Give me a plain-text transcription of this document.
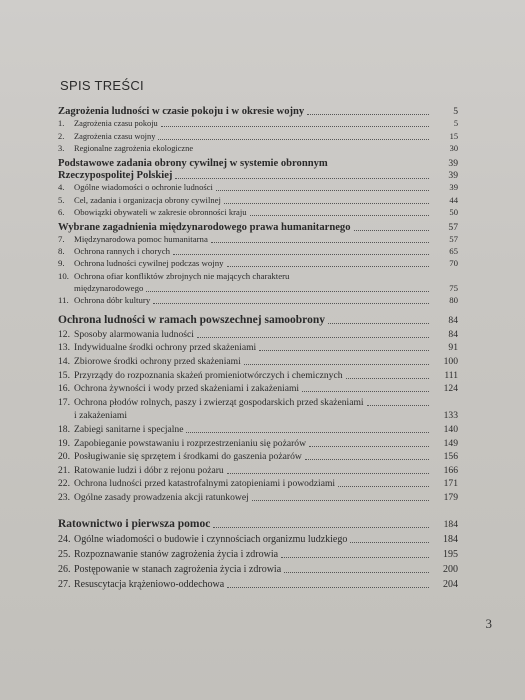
SPIS TREŚCI
Zagrożenia ludności w czasie pokoju i w okresie wojny	5
1. Zagrożenia czasu pokoju	5
2. Zagrożenia czasu wojny	15
3. Regionalne zagrożenia ekologiczne	30
Podstawowe zadania obrony cywilnej w systemie obronnym	39
Rzeczypospolitej Polskiej	39
4. Ogólne wiadomości o ochronie ludności	39
5. Cel, zadania i organizacja obrony cywilnej	44
6. Obowiązki obywateli w zakresie obronności kraju	50
Wybrane zagadnienia międzynarodowego prawa humanitarnego	57
7. Międzynarodowa pomoc humanitarna	57
8. Ochrona rannych i chorych	65
9. Ochrona ludności cywilnej podczas wojny	70
10. Ochrona ofiar konfliktów zbrojnych nie mających charakteru
międzynarodowego	75
11. Ochrona dóbr kultury	80
Ochrona ludności w ramach powszechnej samoobrony	84
12. Sposoby alarmowania ludności	84
13. Indywidualne środki ochrony przed skażeniami	91
14. Zbiorowe środki ochrony przed skażeniami	100
15. Przyrządy do rozpoznania skażeń promieniotwórczych i chemicznych	111
16. Ochrona żywności i wody przed skażeniami i zakażeniami	124
17. Ochrona płodów rolnych, paszy i zwierząt gospodarskich przed skażeniami
i zakażeniami	133
18. Zabiegi sanitarne i specjalne	140
19. Zapobieganie powstawaniu i rozprzestrzenianiu się pożarów	149
20. Posługiwanie się sprzętem i środkami do gaszenia pożarów	156
21. Ratowanie ludzi i dóbr z rejonu pożaru	166
22. Ochrona ludności przed katastrofalnymi zatopieniami i powodziami	171
23. Ogólne zasady prowadzenia akcji ratunkowej	179
Ratownictwo i pierwsza pomoc	184
24. Ogólne wiadomości o budowie i czynnościach organizmu ludzkiego	184
25. Rozpoznawanie stanów zagrożenia życia i zdrowia	195
26. Postępowanie w stanach zagrożenia życia i zdrowia	200
27. Resuscytacja krążeniowo-oddechowa	204
3
